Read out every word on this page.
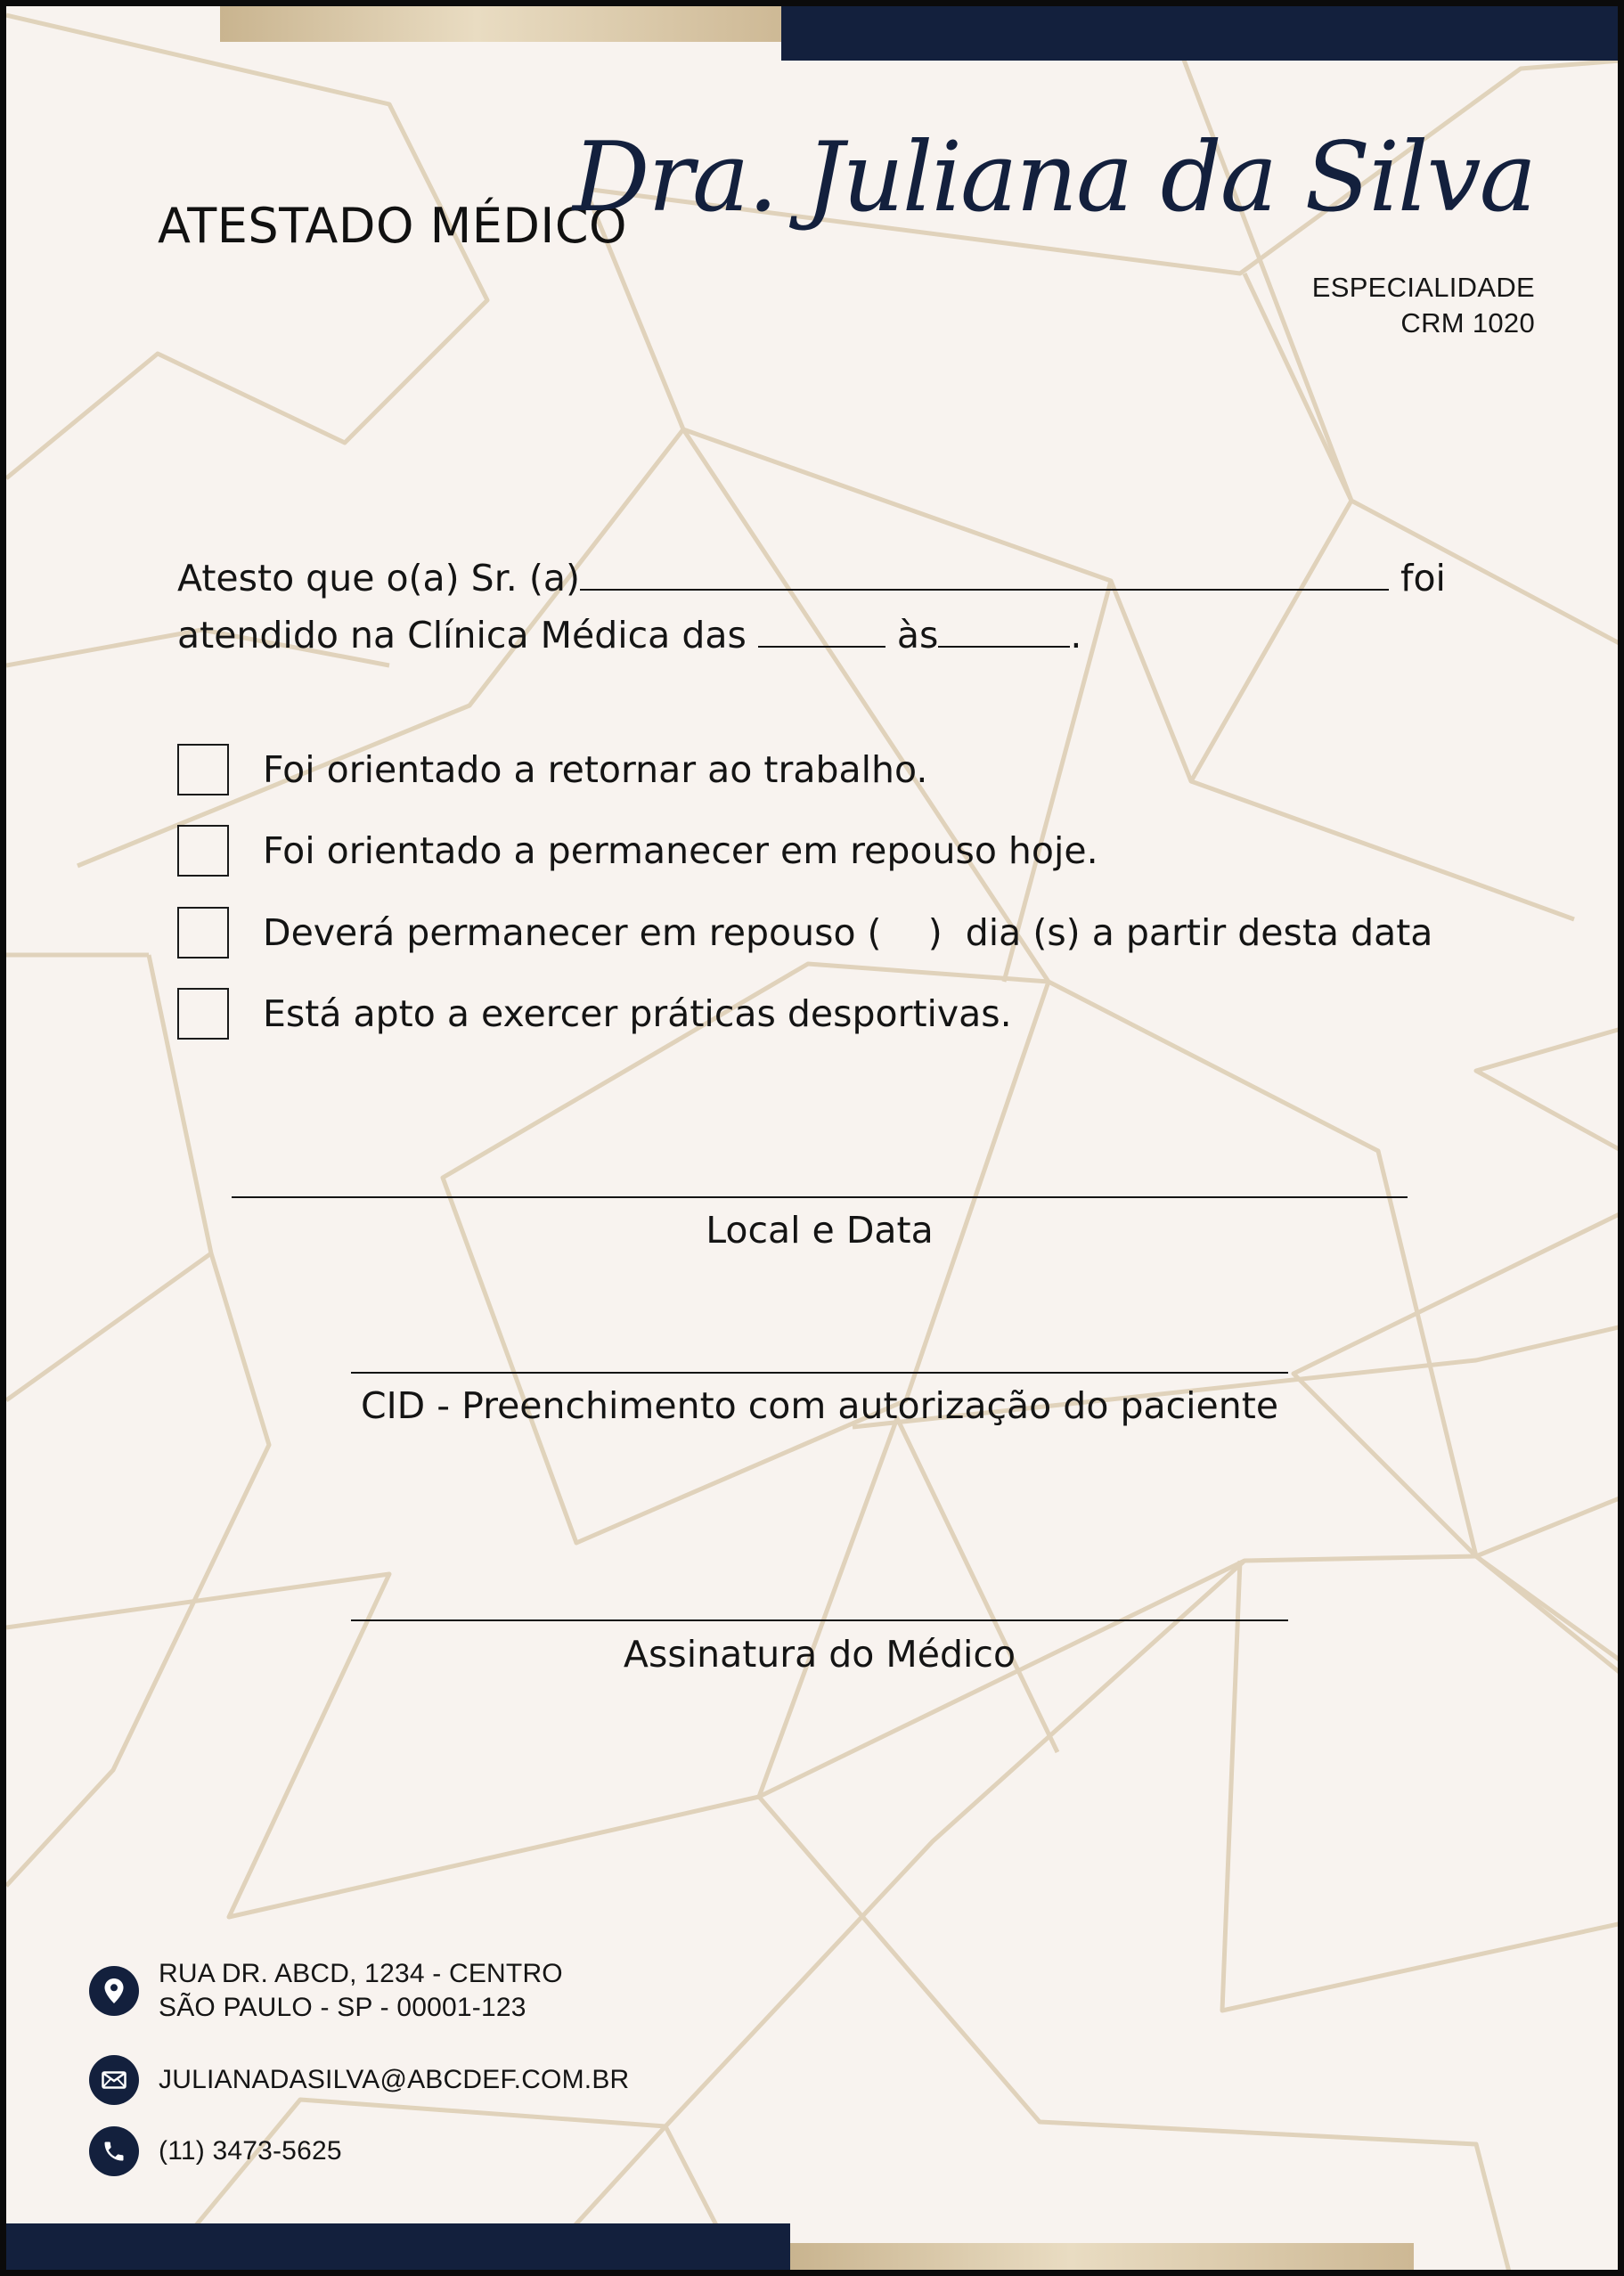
ATESTADO MÉDICO
Dra. Juliana da Silva
ESPECIALIDADE
CRM 1020
Atesto que o(a) Sr. (a)	foi
atendido na Clínica Médica das	às	.
Foi orientado a retornar ao trabalho.
Foi orientado a permanecer em repouso hoje.
Deverá permanecer em repouso (    )  dia (s) a partir desta data
Está apto a exercer práticas desportivas.
Local e Data
CID - Preenchimento com autorização do paciente
Assinatura do Médico
RUA DR. ABCD, 1234 - CENTRO
SÃO PAULO - SP - 00001-123
JULIANADASILVA@ABCDEF.COM.BR
(11) 3473-5625
